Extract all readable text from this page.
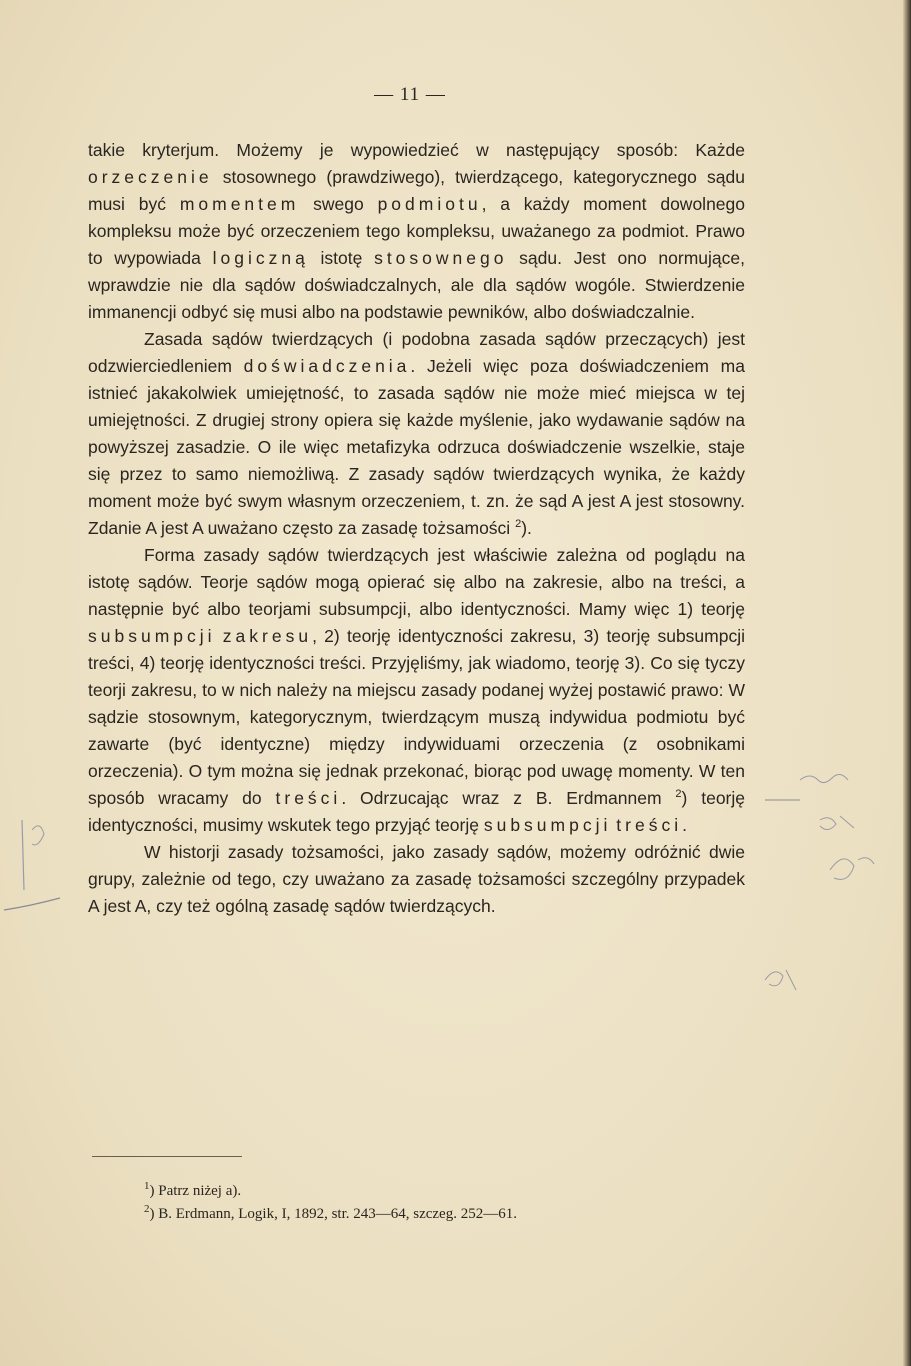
— 11 —

takie kryterjum. Możemy je wypowiedzieć w następujący sposób: Każde orzeczenie stosownego (prawdziwego), twierdzącego, kategorycznego sądu musi być momentem swego podmiotu, a każdy moment dowolnego kompleksu może być orzeczeniem tego kompleksu, uważanego za podmiot. Prawo to wypowiada logiczną istotę stosownego sądu. Jest ono normujące, wprawdzie nie dla sądów doświadczalnych, ale dla sądów wogóle. Stwierdzenie immanencji odbyć się musi albo na podstawie pewników, albo doświadczalnie.

Zasada sądów twierdzących (i podobna zasada sądów przeczących) jest odzwierciedleniem doświadczenia. Jeżeli więc poza doświadczeniem ma istnieć jakakolwiek umiejętność, to zasada sądów nie może mieć miejsca w tej umiejętności. Z drugiej strony opiera się każde myślenie, jako wydawanie sądów na powyższej zasadzie. O ile więc metafizyka odrzuca doświadczenie wszelkie, staje się przez to samo niemożliwą. Z zasady sądów twierdzących wynika, że każdy moment może być swym własnym orzeczeniem, t. zn. że sąd A jest A jest stosowny. Zdanie A jest A uważano często za zasadę tożsamości $^2$).

Forma zasady sądów twierdzących jest właściwie zależna od poglądu na istotę sądów. Teorje sądów mogą opierać się albo na zakresie, albo na treści, a następnie być albo teorjami subsumpcji, albo identyczności. Mamy więc 1) teorję subsumpcji zakresu, 2) teorję identyczności zakresu, 3) teorję subsumpcji treści, 4) teorję identyczności treści. Przyjęliśmy, jak wiadomo, teorję 3). Co się tyczy teorji zakresu, to w nich należy na miejscu zasady podanej wyżej postawić prawo: W sądzie stosownym, kategorycznym, twierdzącym muszą indywidua podmiotu być zawarte (być identyczne) między indywiduami orzeczenia (z osobnikami orzeczenia). O tym można się jednak przekonać, biorąc pod uwagę momenty. W ten sposób wracamy do treści. Odrzucając wraz z B. Erdmannem $^2$) teorję identyczności, musimy wskutek tego przyjąć teorję subsumpcji treści.

W historji zasady tożsamości, jako zasady sądów, możemy odróżnić dwie grupy, zależnie od tego, czy uważano za zasadę tożsamości szczególny przypadek A jest A, czy też ogólną zasadę sądów twierdzących.

$^1$) Patrz niżej a).

$^2$) B. Erdmann, Logik, I, 1892, str. 243—64, szczeg. 252—61.
